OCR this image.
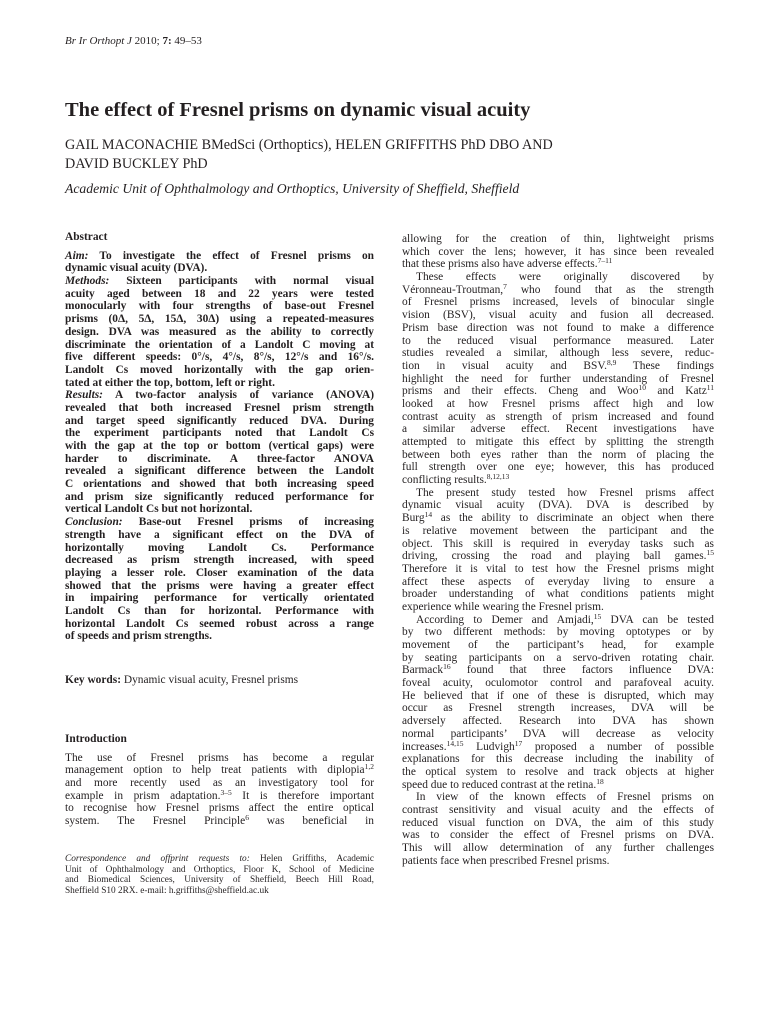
Br Ir Orthopt J 2010; 7: 49–53
The effect of Fresnel prisms on dynamic visual acuity
GAIL MACONACHIE BMedSci (Orthoptics), HELEN GRIFFITHS PhD DBO AND
DAVID BUCKLEY PhD
Academic Unit of Ophthalmology and Orthoptics, University of Sheffield, Sheffield
Abstract
Aim: To investigate the effect of Fresnel prisms on
dynamic visual acuity (DVA).
Methods: Sixteen participants with normal visual
acuity aged between 18 and 22 years were tested
monocularly with four strengths of base-out Fresnel
prisms (0Δ, 5Δ, 15Δ, 30Δ) using a repeated-measures
design. DVA was measured as the ability to correctly
discriminate the orientation of a Landolt C moving at
five different speeds: 0°/s, 4°/s, 8°/s, 12°/s and 16°/s.
Landolt Cs moved horizontally with the gap orien-
tated at either the top, bottom, left or right.
Results: A two-factor analysis of variance (ANOVA)
revealed that both increased Fresnel prism strength
and target speed significantly reduced DVA. During
the experiment participants noted that Landolt Cs
with the gap at the top or bottom (vertical gaps) were
harder to discriminate. A three-factor ANOVA
revealed a significant difference between the Landolt
C orientations and showed that both increasing speed
and prism size significantly reduced performance for
vertical Landolt Cs but not horizontal.
Conclusion: Base-out Fresnel prisms of increasing
strength have a significant effect on the DVA of
horizontally moving Landolt Cs. Performance
decreased as prism strength increased, with speed
playing a lesser role. Closer examination of the data
showed that the prisms were having a greater effect
in impairing performance for vertically orientated
Landolt Cs than for horizontal. Performance with
horizontal Landolt Cs seemed robust across a range
of speeds and prism strengths.
Key words: Dynamic visual acuity, Fresnel prisms
Introduction
The use of Fresnel prisms has become a regular
management option to help treat patients with diplopia$^{1,2}$
and more recently used as an investigatory tool for
example in prism adaptation.$^{3-5}$ It is therefore important
to recognise how Fresnel prisms affect the entire optical
system. The Fresnel Principle$^6$ was beneficial in
Correspondence and offprint requests to: Helen Griffiths, Academic
Unit of Ophthalmology and Orthoptics, Floor K, School of Medicine
and Biomedical Sciences, University of Sheffield, Beech Hill Road,
Sheffield S10 2RX. e-mail: h.griffiths@sheffield.ac.uk
allowing for the creation of thin, lightweight prisms
which cover the lens; however, it has since been revealed
that these prisms also have adverse effects.$^{7-11}$
These effects were originally discovered by
Véronneau-Troutman,$^7$ who found that as the strength
of Fresnel prisms increased, levels of binocular single
vision (BSV), visual acuity and fusion all decreased.
Prism base direction was not found to make a difference
to the reduced visual performance measured. Later
studies revealed a similar, although less severe, reduc-
tion in visual acuity and BSV.$^{8,9}$ These findings
highlight the need for further understanding of Fresnel
prisms and their effects. Cheng and Woo$^{10}$ and Katz$^{11}$
looked at how Fresnel prisms affect high and low
contrast acuity as strength of prism increased and found
a similar adverse effect. Recent investigations have
attempted to mitigate this effect by splitting the strength
between both eyes rather than the norm of placing the
full strength over one eye; however, this has produced
conflicting results.$^{8,12,13}$
The present study tested how Fresnel prisms affect
dynamic visual acuity (DVA). DVA is described by
Burg$^{14}$ as the ability to discriminate an object when there
is relative movement between the participant and the
object. This skill is required in everyday tasks such as
driving, crossing the road and playing ball games.$^{15}$
Therefore it is vital to test how the Fresnel prisms might
affect these aspects of everyday living to ensure a
broader understanding of what conditions patients might
experience while wearing the Fresnel prism.
According to Demer and Amjadi,$^{15}$ DVA can be tested
by two different methods: by moving optotypes or by
movement of the participant’s head, for example
by seating participants on a servo-driven rotating chair.
Barmack$^{16}$ found that three factors influence DVA:
foveal acuity, oculomotor control and parafoveal acuity.
He believed that if one of these is disrupted, which may
occur as Fresnel strength increases, DVA will be
adversely affected. Research into DVA has shown
normal participants’ DVA will decrease as velocity
increases.$^{14,15}$ Ludvigh$^{17}$ proposed a number of possible
explanations for this decrease including the inability of
the optical system to resolve and track objects at higher
speed due to reduced contrast at the retina.$^{18}$
In view of the known effects of Fresnel prisms on
contrast sensitivity and visual acuity and the effects of
reduced visual function on DVA, the aim of this study
was to consider the effect of Fresnel prisms on DVA.
This will allow determination of any further challenges
patients face when prescribed Fresnel prisms.
